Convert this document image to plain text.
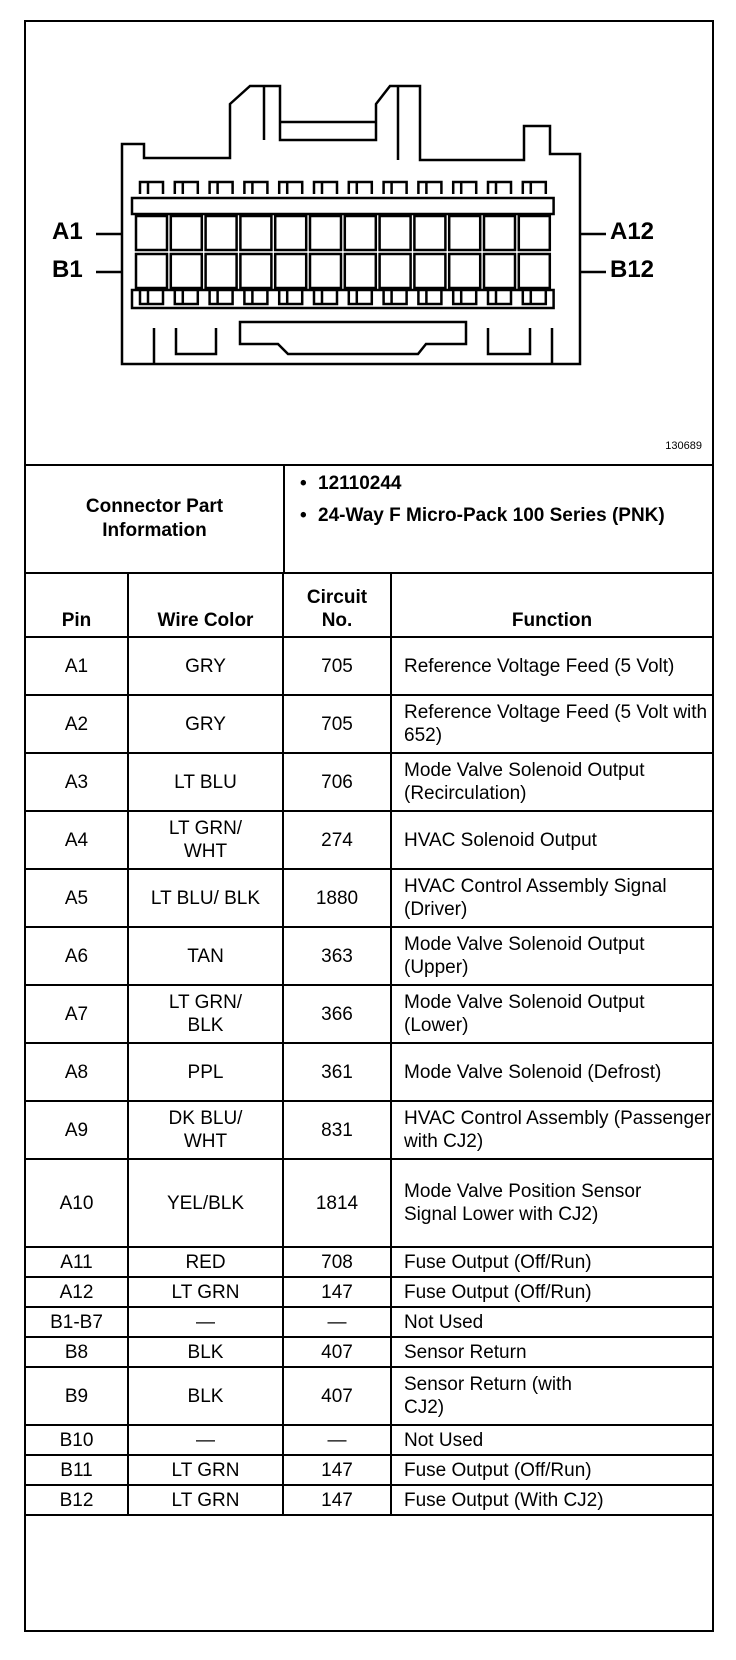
A1
B1
A12
B12
130689
Connector Part Information
• 12110244
• 24-Way F Micro-Pack 100 Series (PNK)
Pin	Wire Color	Circuit No.	Function
A1	GRY	705	Reference Voltage Feed (5 Volt)
A2	GRY	705	Reference Voltage Feed (5 Volt with 652)
A3	LT BLU	706	Mode Valve Solenoid Output (Recirculation)
A4	LT GRN/ WHT	274	HVAC Solenoid Output
A5	LT BLU/ BLK	1880	HVAC Control Assembly Signal (Driver)
A6	TAN	363	Mode Valve Solenoid Output (Upper)
A7	LT GRN/ BLK	366	Mode Valve Solenoid Output (Lower)
A8	PPL	361	Mode Valve Solenoid (Defrost)
A9	DK BLU/ WHT	831	HVAC Control Assembly (Passenger with CJ2)
A10	YEL/BLK	1814	Mode Valve Position Sensor Signal Lower with CJ2)
A11	RED	708	Fuse Output (Off/Run)
A12	LT GRN	147	Fuse Output (Off/Run)
B1-B7	—	—	Not Used
B8	BLK	407	Sensor Return
B9	BLK	407	Sensor Return (with CJ2)
B10	—	—	Not Used
B11	LT GRN	147	Fuse Output (Off/Run)
B12	LT GRN	147	Fuse Output (With CJ2)
